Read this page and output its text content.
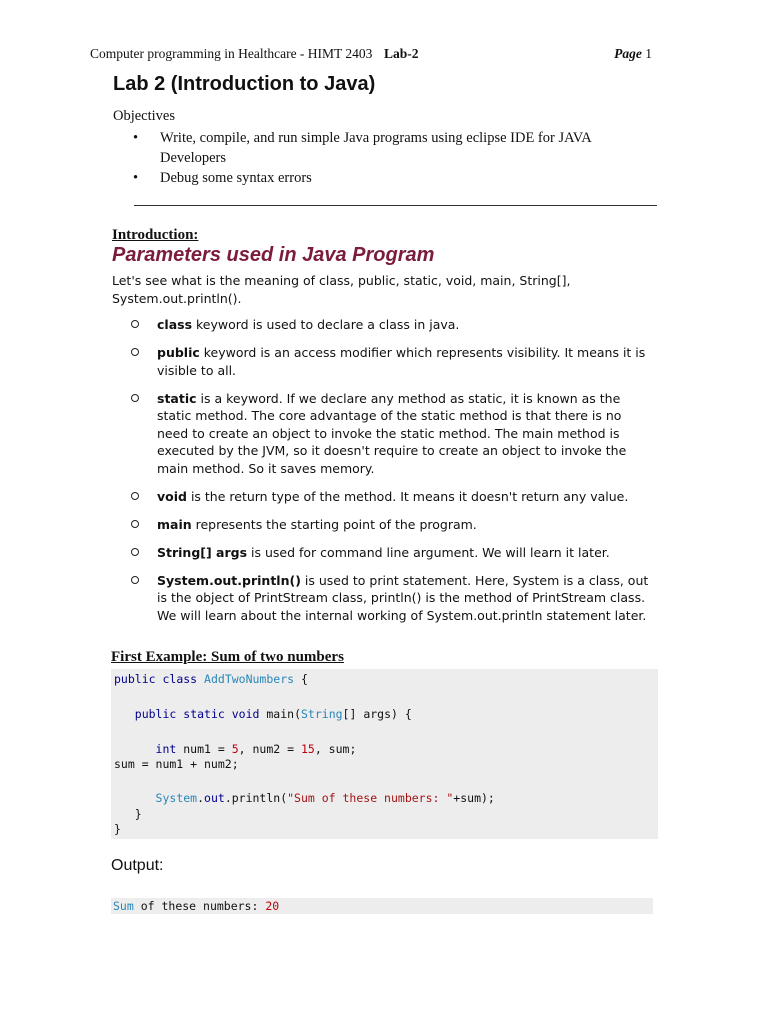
Computer programming in Healthcare - HIMT 2403 Lab-2	Page 1
Lab 2 (Introduction to Java)

Objectives

• Write, compile, and run simple Java programs using eclipse IDE for JAVA Developers
• Debug some syntax errors
Introduction:
Parameters used in Java Program

Let's see what is the meaning of class, public, static, void, main, String[], System.out.println().

class keyword is used to declare a class in java.
public keyword is an access modifier which represents visibility. It means it is visible to all.
static is a keyword. If we declare any method as static, it is known as the static method. The core advantage of the static method is that there is no need to create an object to invoke the static method. The main method is executed by the JVM, so it doesn't require to create an object to invoke the main method. So it saves memory.
void is the return type of the method. It means it doesn't return any value.
main represents the starting point of the program.
String[] args is used for command line argument. We will learn it later.
System.out.println() is used to print statement. Here, System is a class, out is the object of PrintStream class, println() is the method of PrintStream class. We will learn about the internal working of System.out.println statement later.
First Example: Sum of two numbers
public class AddTwoNumbers {
public static void main(String[] args) {
int num1 = 5, num2 = 15, sum;
sum = num1 + num2;
System.out.println("Sum of these numbers: "+sum);
}
}

Output:

Sum of these numbers: 20
